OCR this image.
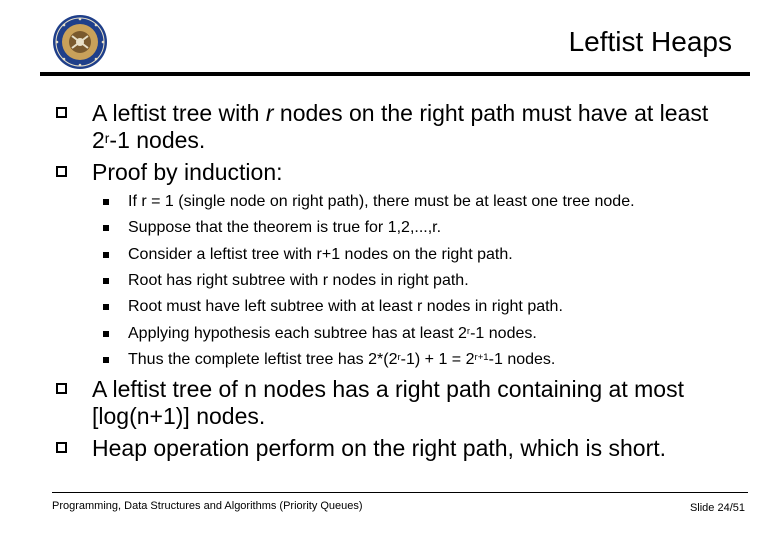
Leftist Heaps
Programming, Data Structures and Algorithms (Priority Queues)	Slide 24/51
A leftist tree with r nodes on the right path must have at least
2$^r$-1 nodes.
Proof by induction:
If r = 1 (single node on right path), there must be at least one tree node.
Suppose that the theorem is true for 1,2,...,r.
Consider a leftist tree with r+1 nodes on the right path.
Root has right subtree with r nodes in right path.
Root must have left subtree with at least r nodes in right path.
Applying hypothesis each subtree has at least 2$^r$-1 nodes.
Thus the complete leftist tree has $2*(2^r-1) + 1 = 2^{r+1}-1$ nodes.
A leftist tree of n nodes has a right path containing at most
[log(n+1)] nodes.
Heap operation perform on the right path, which is short.
